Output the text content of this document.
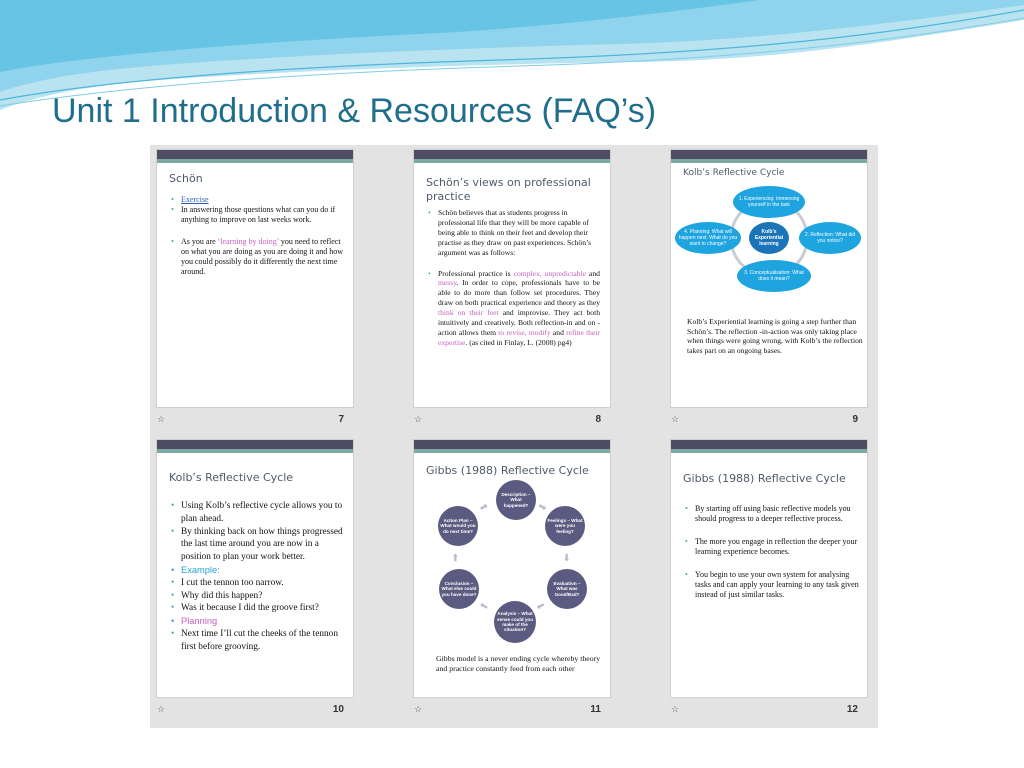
Unit 1 Introduction & Resources (FAQ’s)
Schön
• Exercise
• In answering those questions what can you do if anything to improve on last weeks work.
• As you are ‘learning by doing’ you need to reflect on what you are doing as you are doing it and how you could possibly do it differently the next time around.
☆	7
Schön’s views on professional practice
• Schön believes that as students progress in professional life that they will be more capable of being able to think on their feet and develop their practise as they draw on past experiences. Schön’s argument was as follows:
• Professional practice is complex, unpredictable and messy. In order to cope, professionals have to be able to do more than follow set procedures. They draw on both practical experience and theory as they think on their feet and improvise. They act both intuitively and creatively. Both reflection-in and on - action allows them to revise, modify and refine their expertise. (as cited in Finlay, L. (2008) pg4)
☆	8
Kolb’s Reflective Cycle
1. Experiencing: Immersing yourself in the task
2. Reflection: What did you notice?
3. Conceptualisation: What does it mean?
4. Planning: What will happen next. What do you want to change?
Kolb’s Experiential learning
Kolb’s Experiential learning is going a step further than Schön’s. The reflection -in-action was only taking place when things were going wrong, with Kolb’s the reflection takes part on an ongoing bases.
☆	9
Kolb’s Reflective Cycle
• Using Kolb’s reflective cycle allows you to plan ahead.
• By thinking back on how things progressed the last time around you are now in a position to plan your work better.
• Example:
• I cut the tennon too narrow.
• Why did this happen?
• Was it because I did the groove first?
• Planning
• Next time I’ll cut the cheeks of the tennon first before grooving.
☆	10
Gibbs (1988) Reflective Cycle
Description – What happened?
Feelings – What were you feeling?
Evaluation – What was Good/Bad?
Analysis – What sense could you make of the situation?
Conclusion – What else could you have done?
Action Plan – What would you do next time?
➡
➡
➡
➡
➡
➡
Gibbs model is a never ending cycle whereby theory and practice constantly feed from each other
☆	11
Gibbs (1988) Reflective Cycle
• By starting off using basic reflective models you should progress to a deeper reflective process.
• The more you engage in reflection the deeper your learning experience becomes.
• You begin to use your own system for analysing tasks and can apply your learning to any task given instead of just similar tasks.
☆	12
